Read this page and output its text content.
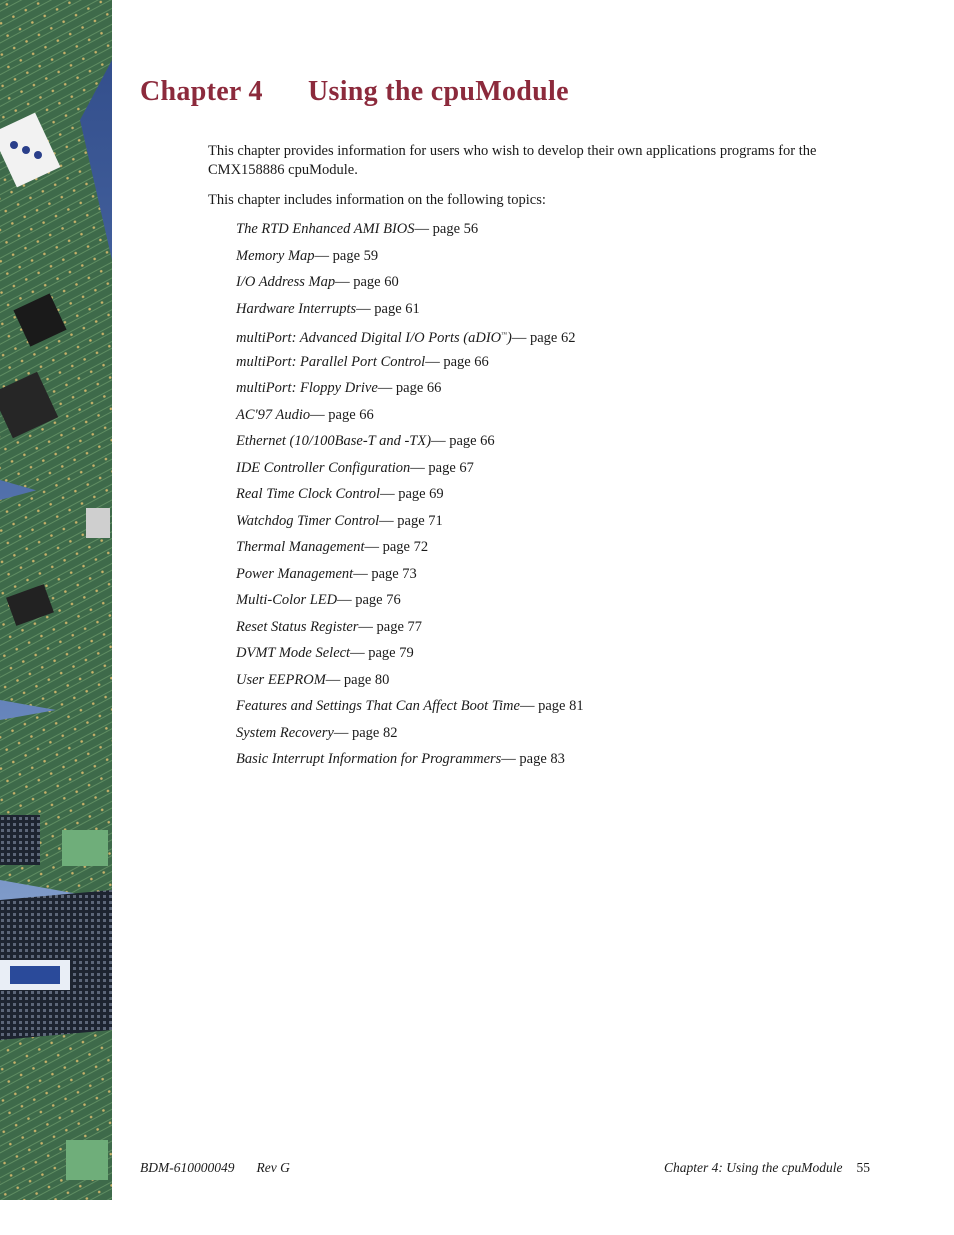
Chapter 4 Using the cpuModule

This chapter provides information for users who wish to develop their own applications programs for the CMX158886 cpuModule.

This chapter includes information on the following topics:

The RTD Enhanced AMI BIOS— page 56
Memory Map— page 59
I/O Address Map— page 60
Hardware Interrupts— page 61
multiPort: Advanced Digital I/O Ports (aDIO™)— page 62
multiPort: Parallel Port Control— page 66
multiPort: Floppy Drive— page 66
AC'97 Audio— page 66
Ethernet (10/100Base-T and -TX)— page 66
IDE Controller Configuration— page 67
Real Time Clock Control— page 69
Watchdog Timer Control— page 71
Thermal Management— page 72
Power Management— page 73
Multi-Color LED— page 76
Reset Status Register— page 77
DVMT Mode Select— page 79
User EEPROM— page 80
Features and Settings That Can Affect Boot Time— page 81
System Recovery— page 82
Basic Interrupt Information for Programmers— page 83
BDM-610000049 Rev G	Chapter 4: Using the cpuModule 55
